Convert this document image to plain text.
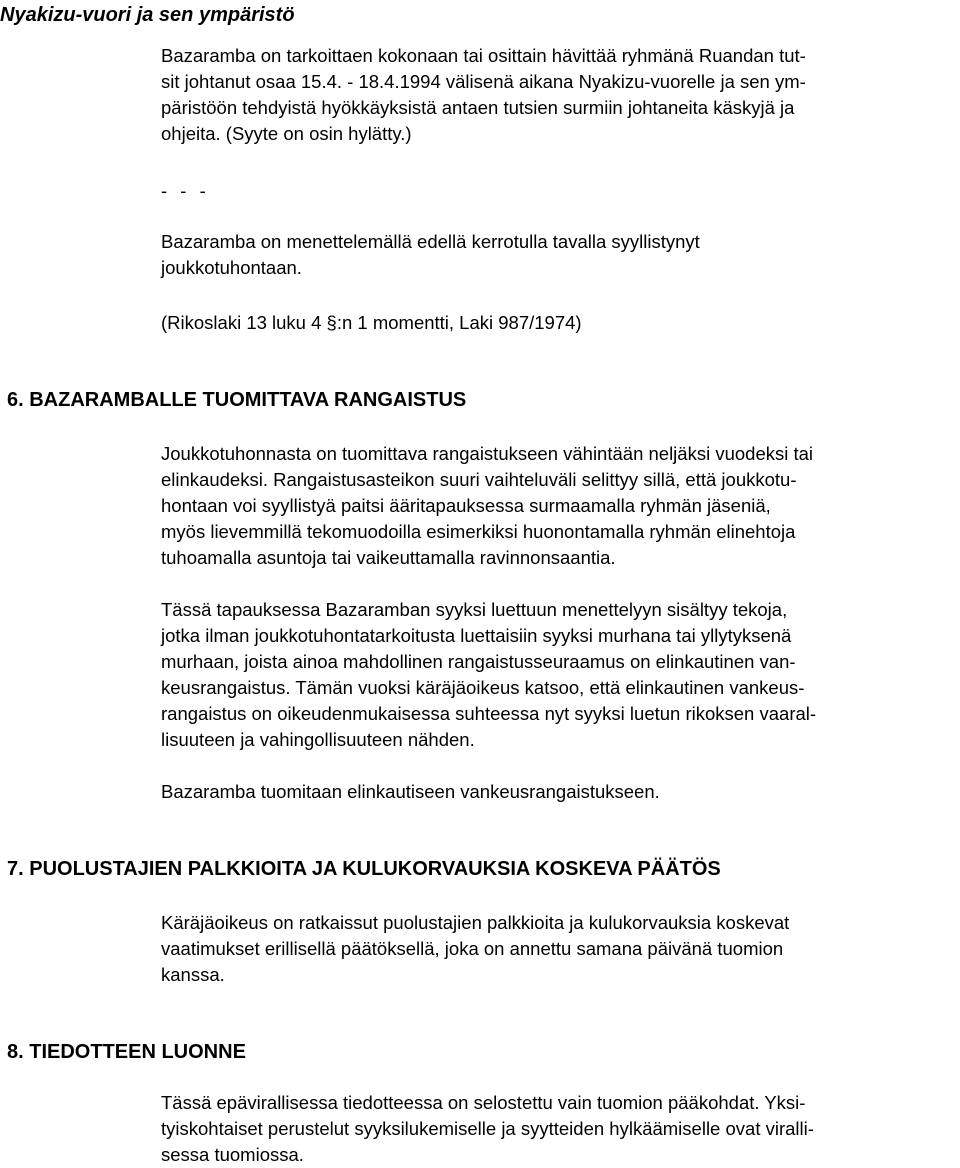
Nyakizu-vuori ja sen ympäristö
Bazaramba on tarkoittaen kokonaan tai osittain hävittää ryhmänä Ruandan tut-
sit johtanut osaa 15.4. - 18.4.1994 välisenä aikana Nyakizu-vuorelle ja sen ym-
päristöön tehdyistä hyökkäyksistä antaen tutsien surmiin johtaneita käskyjä ja
ohjeita. (Syyte on osin hylätty.)
- - -
Bazaramba on menettelemällä edellä kerrotulla tavalla syyllistynyt
joukkotuhontaan.
(Rikoslaki 13 luku 4 §:n 1 momentti, Laki 987/1974)
6. BAZARAMBALLE TUOMITTAVA RANGAISTUS
Joukkotuhonnasta on tuomittava rangaistukseen vähintään neljäksi vuodeksi tai
elinkaudeksi. Rangaistusasteikon suuri vaihteluväli selittyy sillä, että joukkotu-
hontaan voi syyllistyä paitsi ääritapauksessa surmaamalla ryhmän jäseniä,
myös lievemmillä tekomuodoilla esimerkiksi huonontamalla ryhmän elinehtoja
tuhoamalla asuntoja tai vaikeuttamalla ravinnonsaantia.
Tässä tapauksessa Bazaramban syyksi luettuun menettelyyn sisältyy tekoja,
jotka ilman joukkotuhontatarkoitusta luettaisiin syyksi murhana tai yllytyksenä
murhaan, joista ainoa mahdollinen rangaistusseuraamus on elinkautinen van-
keusrangaistus. Tämän vuoksi käräjäoikeus katsoo, että elinkautinen vankeus-
rangaistus on oikeudenmukaisessa suhteessa nyt syyksi luetun rikoksen vaaral-
lisuuteen ja vahingollisuuteen nähden.
Bazaramba tuomitaan elinkautiseen vankeusrangaistukseen.
7. PUOLUSTAJIEN PALKKIOITA JA KULUKORVAUKSIA KOSKEVA PÄÄTÖS
Käräjäoikeus on ratkaissut puolustajien palkkioita ja kulukorvauksia koskevat
vaatimukset erillisellä päätöksellä, joka on annettu samana päivänä tuomion
kanssa.
8. TIEDOTTEEN LUONNE
Tässä epävirallisessa tiedotteessa on selostettu vain tuomion pääkohdat. Yksi-
tyiskohtaiset perustelut syyksilukemiselle ja syytteiden hylkäämiselle ovat viralli-
sessa tuomiossa.
